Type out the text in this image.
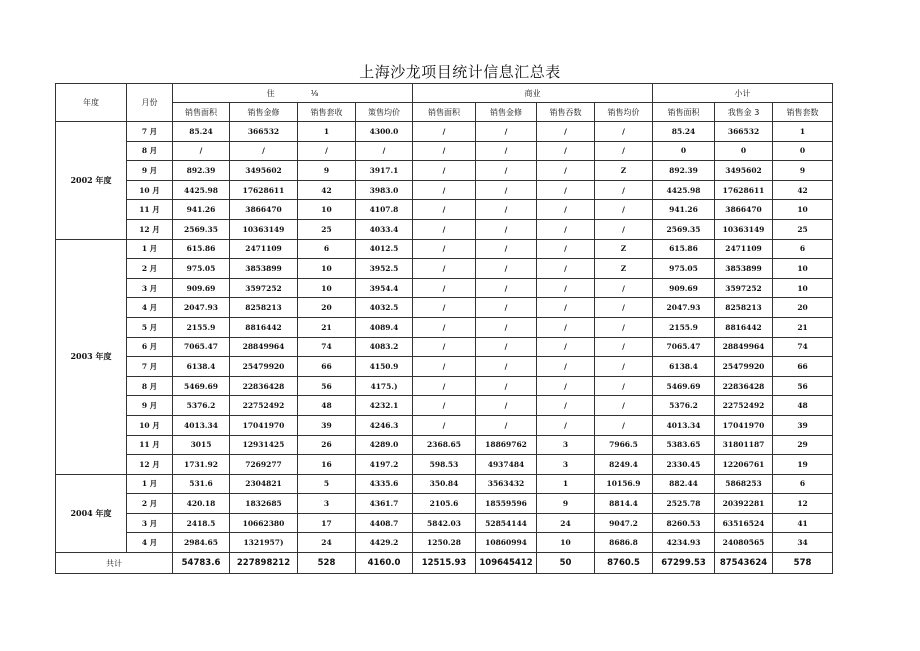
上海沙龙项目统计信息汇总表
年度	月份	住 ⅛				商业				小计		
		销售面积	销售金修	销售套收	策售均价	销售面积	销售金修	销售吞数	销售均价	销售面积	我售金 3	销售套数
2002 年度	7 月	85.24	366532	1	4300.0	/	/	/	/	85.24	366532	1
	8 月	/	/	/	/	/	/	/	/	0	0	0
	9 月	892.39	3495602	9	3917.1	/	/	/	Z	892.39	3495602	9
	10 月	4425.98	17628611	42	3983.0	/	/	/	/	4425.98	17628611	42
	11 月	941.26	3866470	10	4107.8	/	/	/	/	941.26	3866470	10
	12 月	2569.35	10363149	25	4033.4	/	/	/	/	2569.35	10363149	25
2003 年度	1 月	615.86	2471109	6	4012.5	/	/	/	Z	615.86	2471109	6
	2 月	975.05	3853899	10	3952.5	/	/	/	Z	975.05	3853899	10
	3 月	909.69	3597252	10	3954.4	/	/	/	/	909.69	3597252	10
	4 月	2047.93	8258213	20	4032.5	/	/	/	/	2047.93	8258213	20
	5 月	2155.9	8816442	21	4089.4	/	/	/	/	2155.9	8816442	21
	6 月	7065.47	28849964	74	4083.2	/	/	/	/	7065.47	28849964	74
	7 月	6138.4	25479920	66	4150.9	/	/	/	/	6138.4	25479920	66
	8 月	5469.69	22836428	56	4175.)	/	/	/	/	5469.69	22836428	56
	9 月	5376.2	22752492	48	4232.1	/	/	/	/	5376.2	22752492	48
	10 月	4013.34	17041970	39	4246.3	/	/	/	/	4013.34	17041970	39
	11 月	3015	12931425	26	4289.0	2368.65	18869762	3	7966.5	5383.65	31801187	29
	12 月	1731.92	7269277	16	4197.2	598.53	4937484	3	8249.4	2330.45	12206761	19
2004 年度	1 月	531.6	2304821	5	4335.6	350.84	3563432	1	10156.9	882.44	5868253	6
	2 月	420.18	1832685	3	4361.7	2105.6	18559596	9	8814.4	2525.78	20392281	12
	3 月	2418.5	10662380	17	4408.7	5842.03	52854144	24	9047.2	8260.53	63516524	41
	4 月	2984.65	1321957)	24	4429.2	1250.28	10860994	10	8686.8	4234.93	24080565	34
共计		54783.6	227898212	528	4160.0	12515.93	109645412	50	8760.5	67299.53	87543624	578
